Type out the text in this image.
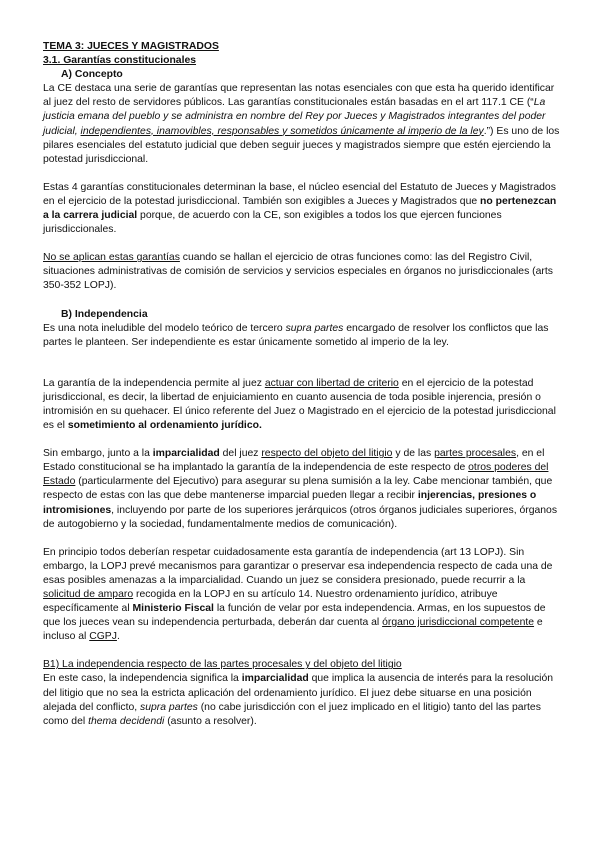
TEMA 3: JUECES Y MAGISTRADOS
3.1. Garantías constitucionales
A) Concepto

La CE destaca una serie de garantías que representan las notas esenciales con que esta ha querido identificar al juez del resto de servidores públicos. Las garantías constitucionales están basadas en el art 117.1 CE (“La justicia emana del pueblo y se administra en nombre del Rey por Jueces y Magistrados integrantes del poder judicial, independientes, inamovibles, responsables y sometidos únicamente al imperio de la ley.”) Es uno de los pilares esenciales del estatuto judicial que deben seguir jueces y magistrados siempre que estén ejerciendo la potestad jurisdiccional.

Estas 4 garantías constitucionales determinan la base, el núcleo esencial del Estatuto de Jueces y Magistrados en el ejercicio de la potestad jurisdiccional. También son exigibles a Jueces y Magistrados que no pertenezcan a la carrera judicial porque, de acuerdo con la CE, son exigibles a todos los que ejercen funciones jurisdiccionales.

No se aplican estas garantías cuando se hallan el ejercicio de otras funciones como: las del Registro Civil, situaciones administrativas de comisión de servicios y servicios especiales en órganos no jurisdiccionales (arts 350-352 LOPJ).

B) Independencia

Es una nota ineludible del modelo teórico de tercero supra partes encargado de resolver los conflictos que las partes le planteen. Ser independiente es estar únicamente sometido al imperio de la ley.

La garantía de la independencia permite al juez actuar con libertad de criterio en el ejercicio de la potestad jurisdiccional, es decir, la libertad de enjuiciamiento en cuanto ausencia de toda posible injerencia, presión o intromisión en su quehacer. El único referente del Juez o Magistrado en el ejercicio de la potestad jurisdiccional es el sometimiento al ordenamiento jurídico.

Sin embargo, junto a la imparcialidad del juez respecto del objeto del litigio y de las partes procesales, en el Estado constitucional se ha implantado la garantía de la independencia de este respecto de otros poderes del Estado (particularmente del Ejecutivo) para asegurar su plena sumisión a la ley. Cabe mencionar también, que respecto de estas con las que debe mantenerse imparcial pueden llegar a recibir injerencias, presiones o intromisiones, incluyendo por parte de los superiores jerárquicos (otros órganos judiciales superiores, órganos de autogobierno y la sociedad, fundamentalmente medios de comunicación).

En principio todos deberían respetar cuidadosamente esta garantía de independencia (art 13 LOPJ). Sin embargo, la LOPJ prevé mecanismos para garantizar o preservar esa independencia respecto de cada una de esas posibles amenazas a la imparcialidad. Cuando un juez se considera presionado, puede recurrir a la solicitud de amparo recogida en la LOPJ en su artículo 14. Nuestro ordenamiento jurídico, atribuye específicamente al Ministerio Fiscal la función de velar por esta independencia. Armas, en los supuestos de que los jueces vean su independencia perturbada, deberán dar cuenta al órgano jurisdiccional competente e incluso al CGPJ.

B1) La independencia respecto de las partes procesales y del objeto del litigio

En este caso, la independencia significa la imparcialidad que implica la ausencia de interés para la resolución del litigio que no sea la estricta aplicación del ordenamiento jurídico. El juez debe situarse en una posición alejada del conflicto, supra partes (no cabe jurisdicción con el juez implicado en el litigio) tanto del las partes como del thema decidendi (asunto a resolver).
